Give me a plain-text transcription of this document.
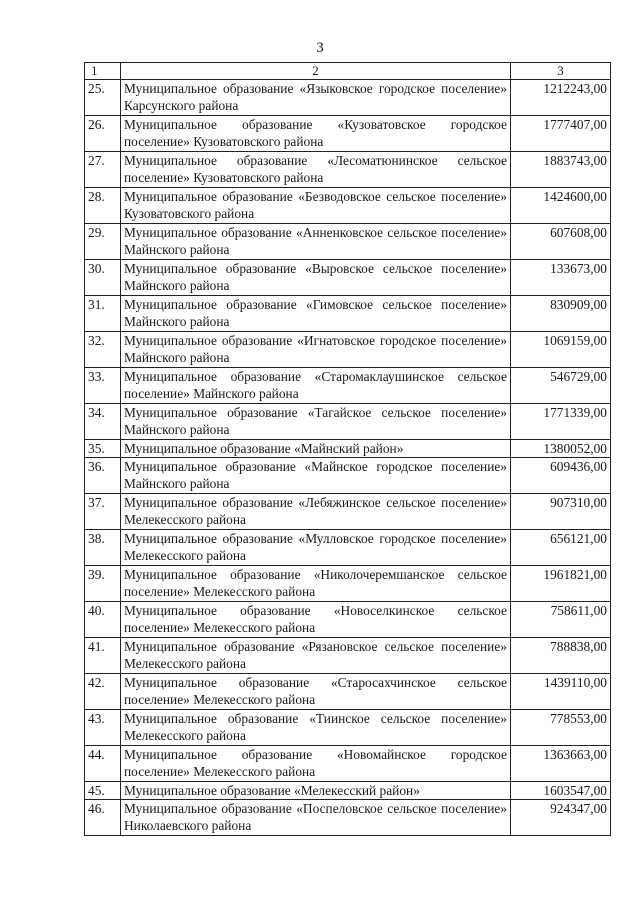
3
1	2	3
25.	Муниципальное образование «Языковское городское поселение» Карсунского района	1212243,00
26.	Муниципальное образование «Кузоватовское городское поселение» Кузоватовского района	1777407,00
27.	Муниципальное образование «Лесоматюнинское сельское поселение» Кузоватовского района	1883743,00
28.	Муниципальное образование «Безводовское сельское поселение» Кузоватовского района	1424600,00
29.	Муниципальное образование «Анненковское сельское поселение» Майнского района	607608,00
30.	Муниципальное образование «Выровское сельское поселение» Майнского района	133673,00
31.	Муниципальное образование «Гимовское сельское поселение» Майнского района	830909,00
32.	Муниципальное образование «Игнатовское городское поселение» Майнского района	1069159,00
33.	Муниципальное образование «Старомаклаушинское сельское поселение» Майнского района	546729,00
34.	Муниципальное образование «Тагайское сельское поселение» Майнского района	1771339,00
35.	Муниципальное образование «Майнский район»	1380052,00
36.	Муниципальное образование «Майнское городское поселение» Майнского района	609436,00
37.	Муниципальное образование «Лебяжинское сельское поселение» Мелекесского района	907310,00
38.	Муниципальное образование «Мулловское городское поселение» Мелекесского района	656121,00
39.	Муниципальное образование «Николочеремшанское сельское поселение» Мелекесского района	1961821,00
40.	Муниципальное образование «Новоселкинское сельское поселение» Мелекесского района	758611,00
41.	Муниципальное образование «Рязановское сельское поселение» Мелекесского района	788838,00
42.	Муниципальное образование «Старосахчинское сельское поселение» Мелекесского района	1439110,00
43.	Муниципальное образование «Тиинское сельское поселение» Мелекесского района	778553,00
44.	Муниципальное образование «Новомайнское городское поселение» Мелекесского района	1363663,00
45.	Муниципальное образование «Мелекесский район»	1603547,00
46.	Муниципальное образование «Поспеловское сельское поселение» Николаевского района	924347,00
